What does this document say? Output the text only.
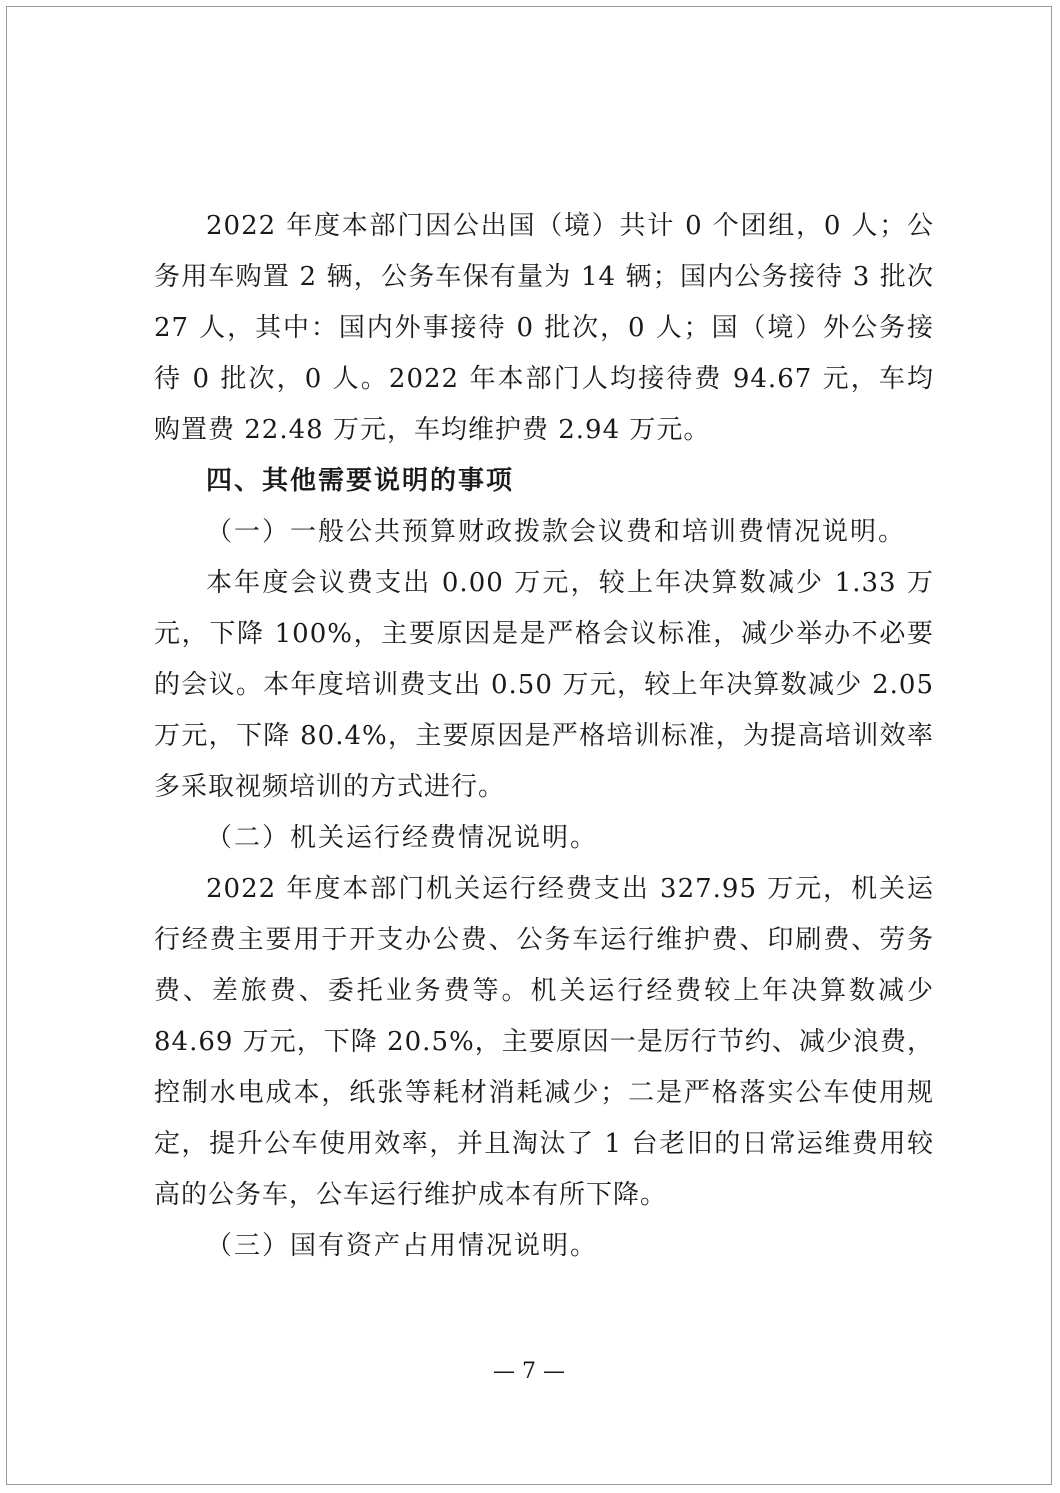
2022 年度本部门因公出国（境）共计 0 个团组，0 人；公务用车购置 2 辆，公务车保有量为 14 辆；国内公务接待 3 批次 27 人，其中：国内外事接待 0 批次，0 人；国（境）外公务接待 0 批次，0 人。2022 年本部门人均接待费 94.67 元，车均购置费 22.48 万元，车均维护费 2.94 万元。

四、其他需要说明的事项

（一）一般公共预算财政拨款会议费和培训费情况说明。

本年度会议费支出 0.00 万元，较上年决算数减少 1.33 万元，下降 100%，主要原因是是严格会议标准，减少举办不必要的会议。本年度培训费支出 0.50 万元，较上年决算数减少 2.05 万元，下降 80.4%，主要原因是严格培训标准，为提高培训效率多采取视频培训的方式进行。

（二）机关运行经费情况说明。

2022 年度本部门机关运行经费支出 327.95 万元，机关运行经费主要用于开支办公费、公务车运行维护费、印刷费、劳务费、差旅费、委托业务费等。机关运行经费较上年决算数减少 84.69 万元，下降 20.5%，主要原因一是厉行节约、减少浪费，控制水电成本，纸张等耗材消耗减少；二是严格落实公车使用规定，提升公车使用效率，并且淘汰了 1 台老旧的日常运维费用较高的公务车，公车运行维护成本有所下降。

（三）国有资产占用情况说明。

— 7 —
